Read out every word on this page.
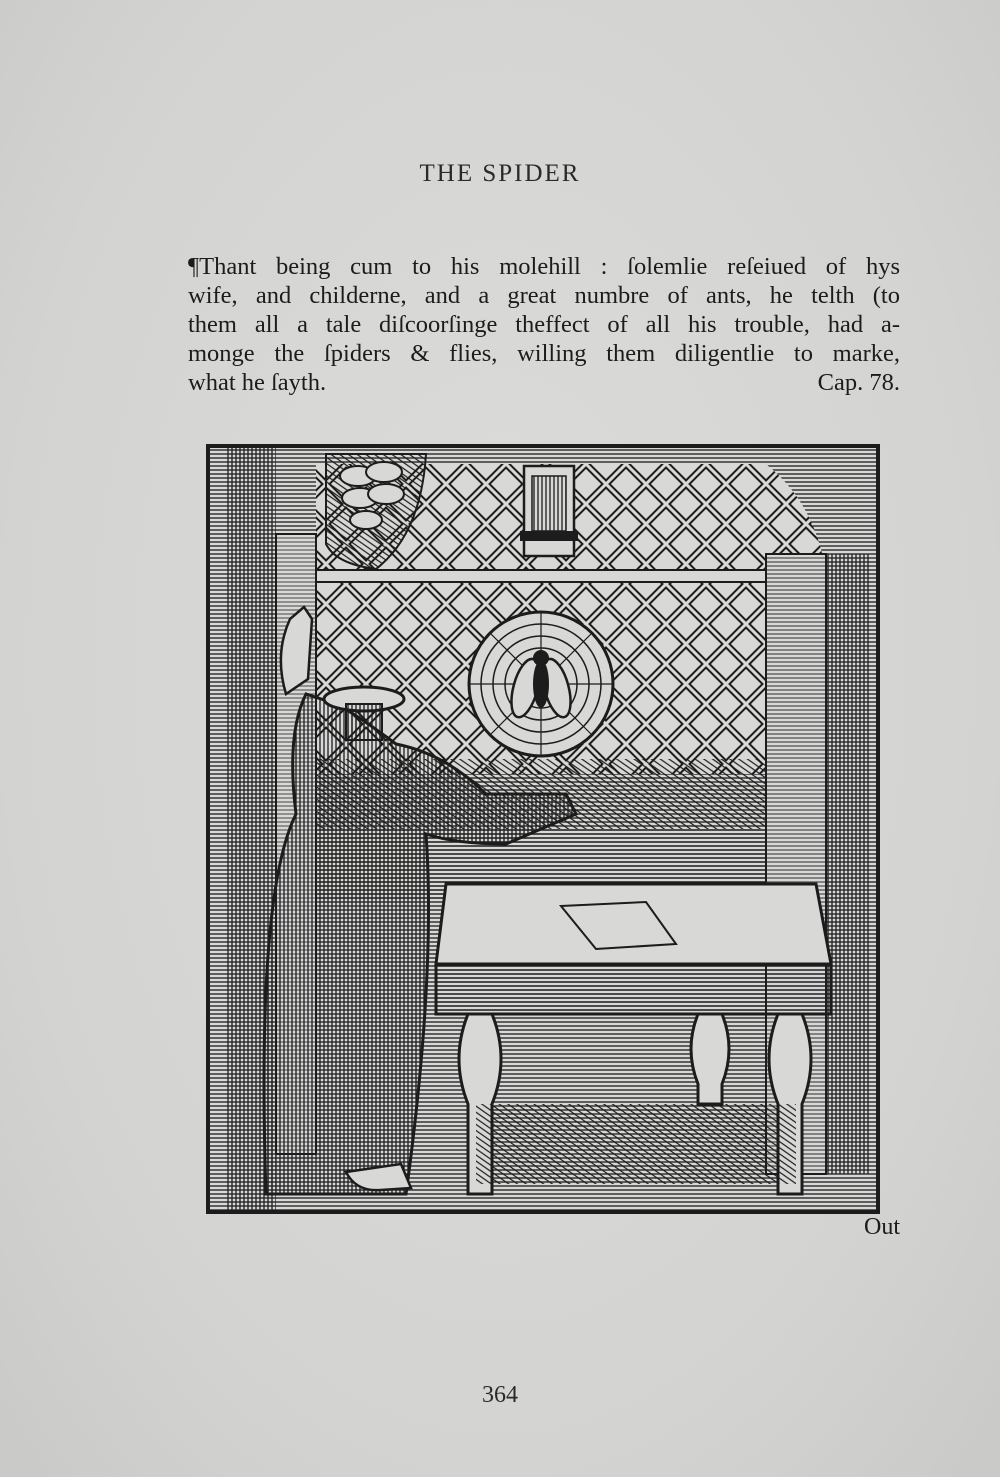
THE SPIDER
¶Thant being cum to his molehill : ſolemlie reſeiued of hys
wife, and childerne, and a great numbre of ants, he telth (to
them all a tale diſcoorſinge theffect of all his trouble, had a-
monge the ſpiders & flies, willing them diligentlie to marke,
what he ſayth.	Cap. 78.
Out
364
